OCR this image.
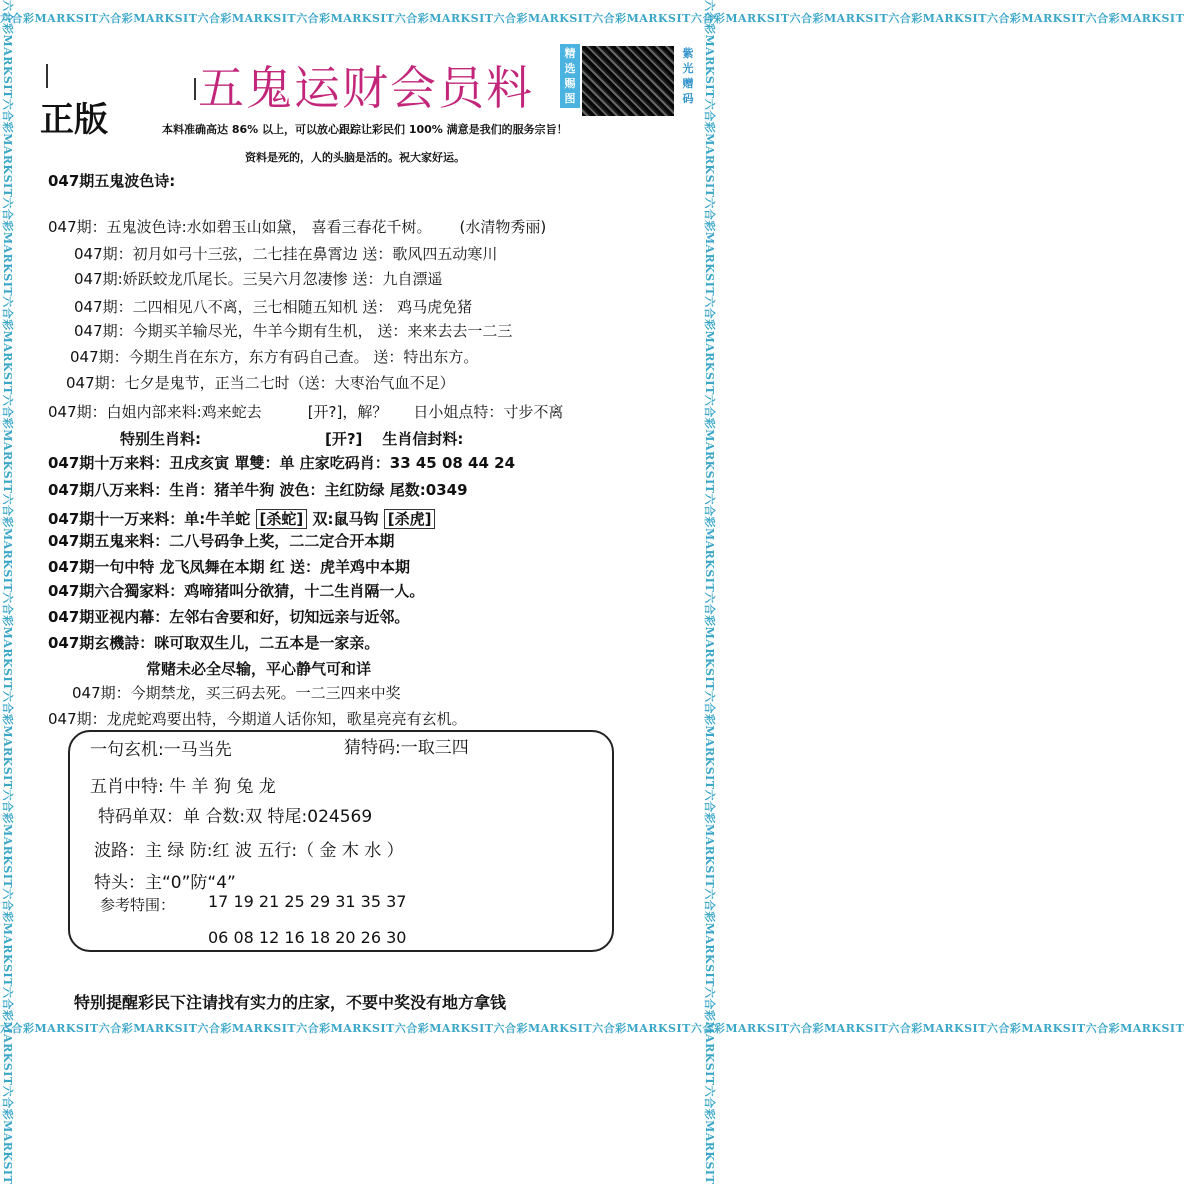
六合彩MARKSIT六合彩MARKSIT六合彩MARKSIT六合彩MARKSIT六合彩MARKSIT六合彩MARKSIT六合彩MARKSIT六合彩MARKSIT六合彩MARKSIT六合彩MARKSIT六合彩MARKSIT六合彩MARKSIT
六合彩MARKSIT六合彩MARKSIT六合彩MARKSIT六合彩MARKSIT六合彩MARKSIT六合彩MARKSIT六合彩MARKSIT六合彩MARKSIT六合彩MARKSIT六合彩MARKSIT六合彩MARKSIT六合彩MARKSIT
六合彩MARKSIT六合彩MARKSIT六合彩MARKSIT六合彩MARKSIT六合彩MARKSIT六合彩MARKSIT六合彩MARKSIT六合彩MARKSIT六合彩MARKSIT六合彩MARKSIT六合彩MARKSIT六合彩MARKSIT	六合彩MARKSIT六合彩MARKSIT六合彩MARKSIT六合彩MARKSIT六合彩MARKSIT六合彩MARKSIT六合彩MARKSIT六合彩MARKSIT六合彩MARKSIT六合彩MARKSIT六合彩MARKSIT六合彩MARKSIT
正版
五鬼运财会员料
精选赐图
紫光赠码
本料准确高达 86% 以上，可以放心跟踪让彩民们 100% 满意是我们的服务宗旨！
资料是死的，人的头脑是活的。祝大家好运。
047期五鬼波色诗:
047期：五鬼波色诗:水如碧玉山如黛， 喜看三春花千树。 (水清物秀丽)
047期：初月如弓十三弦，二七挂在鼻霄边 送：歌风四五动寒川
047期:娇跃蛟龙爪尾长。三吴六月忽凄惨 送：九自漂遥
047期：二四相见八不离，三七相随五知机 送： 鸡马虎免猪
047期：今期买羊输尽光，牛羊今期有生机， 送：来来去去一二三
047期：今期生肖在东方，东方有码自己查。 送：特出东方。
047期：七夕是鬼节，正当二七时（送：大枣治气血不足）
047期：白姐内部来料:鸡来蛇去	[开?]，解？ 日小姐点特：寸步不离
特别生肖料:	[开?] 生肖信封料:
047期十万来料：丑戌亥寅 單雙：单 庄家吃码肖：33 45 08 44 24
047期八万来料：生肖：猪羊牛狗 波色：主红防绿 尾数:0349
047期十一万来料：单:牛羊蛇 [杀蛇] 双:鼠马钩 [杀虎]
047期五鬼来料：二八号码争上奖，二二定合开本期
047期一句中特 龙飞凤舞在本期 红 送：虎羊鸡中本期
047期六合獨家料：鸡啼猪叫分欲猜，十二生肖隔一人。
047期亚视内幕：左邻右舍要和好，切知远亲与近邻。
047期玄機詩：咪可取双生儿，二五本是一家亲。
常赌未必全尽输，平心静气可和详
047期：今期禁龙，买三码去死。一二三四来中奖
047期：龙虎蛇鸡要出特，今期道人话你知，歌星亮亮有玄机。
一句玄机:一马当先	猜特码:一取三四
五肖中特: 牛 羊 狗 兔 龙
特码单双：单 合数:双 特尾:024569
波路：主 绿 防:红 波 五行:（ 金 木 水 ）
特头：主“0”防“4”
参考特围： 17 19 21 25 29 31 35 37
06 08 12 16 18 20 26 30
特别提醒彩民下注请找有实力的庄家，不要中奖没有地方拿钱
